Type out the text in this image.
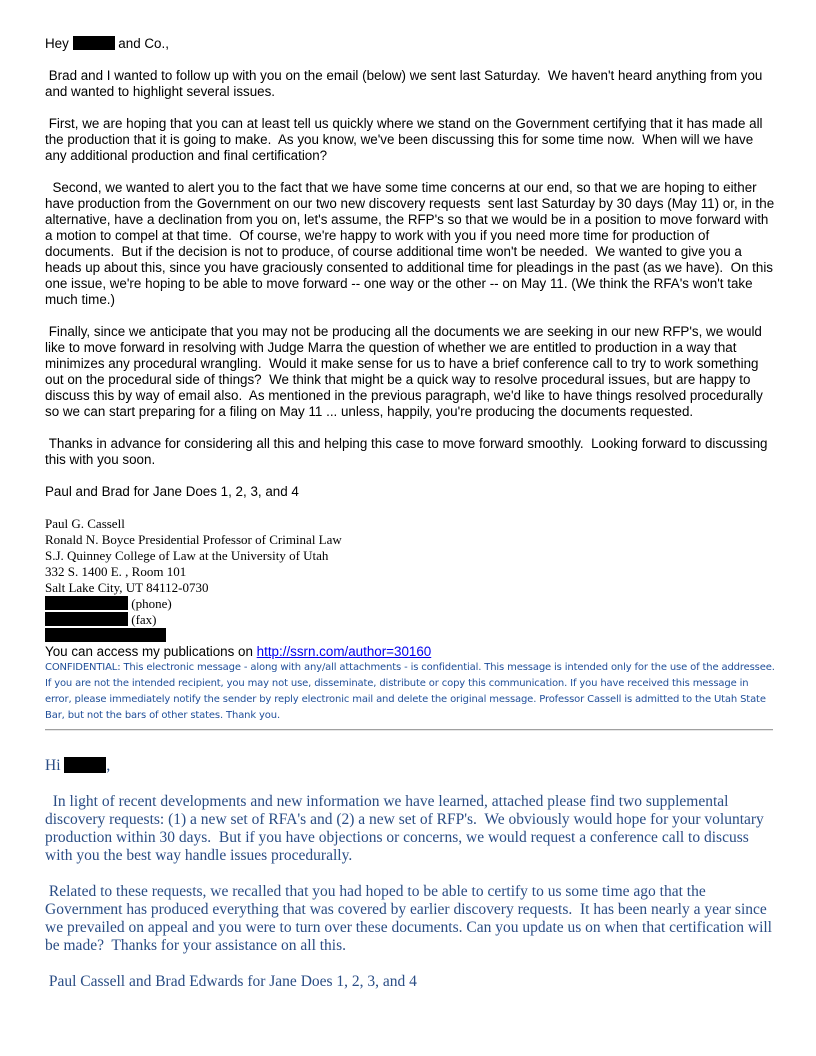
Hey	and Co.,

Brad and I wanted to follow up with you on the email (below) we sent last Saturday.  We haven't heard anything from you and wanted to highlight several issues.

First, we are hoping that you can at least tell us quickly where we stand on the Government certifying that it has made all the production that it is going to make.  As you know, we've been discussing this for some time now.  When will we have any additional production and final certification?

Second, we wanted to alert you to the fact that we have some time concerns at our end, so that we are hoping to either have production from the Government on our two new discovery requests  sent last Saturday by 30 days (May 11) or, in the alternative, have a declination from you on, let's assume, the RFP's so that we would be in a position to move forward with a motion to compel at that time.  Of course, we're happy to work with you if you need more time for production of documents.  But if the decision is not to produce, of course additional time won't be needed.  We wanted to give you a heads up about this, since you have graciously consented to additional time for pleadings in the past (as we have).  On this one issue, we're hoping to be able to move forward -- one way or the other -- on May 11. (We think the RFA's won't take much time.)

Finally, since we anticipate that you may not be producing all the documents we are seeking in our new RFP's, we would like to move forward in resolving with Judge Marra the question of whether we are entitled to production in a way that minimizes any procedural wrangling.  Would it make sense for us to have a brief conference call to try to work something out on the procedural side of things?  We think that might be a quick way to resolve procedural issues, but are happy to discuss this by way of email also.  As mentioned in the previous paragraph, we'd like to have things resolved procedurally so we can start preparing for a filing on May 11 ... unless, happily, you're producing the documents requested.

Thanks in advance for considering all this and helping this case to move forward smoothly.  Looking forward to discussing this with you soon.

Paul and Brad for Jane Does 1, 2, 3, and 4

Paul G. Cassell
Ronald N. Boyce Presidential Professor of Criminal Law
S.J. Quinney College of Law at the University of Utah
332 S. 1400 E. , Room 101
Salt Lake City, UT 84112-0730
(phone)
(fax)
You can access my publications on http://ssrn.com/author=30160
CONFIDENTIAL: This electronic message - along with any/all attachments - is confidential. This message is intended only for the use of the addressee. If you are not the intended recipient, you may not use, disseminate, distribute or copy this communication. If you have received this message in error, please immediately notify the sender by reply electronic mail and delete the original message. Professor Cassell is admitted to the Utah State Bar, but not the bars of other states. Thank you.

Hi	,

In light of recent developments and new information we have learned, attached please find two supplemental discovery requests: (1) a new set of RFA's and (2) a new set of RFP's.  We obviously would hope for your voluntary production within 30 days.  But if you have objections or concerns, we would request a conference call to discuss with you the best way handle issues procedurally.

Related to these requests, we recalled that you had hoped to be able to certify to us some time ago that the Government has produced everything that was covered by earlier discovery requests.  It has been nearly a year since we prevailed on appeal and you were to turn over these documents. Can you update us on when that certification will be made?  Thanks for your assistance on all this.

Paul Cassell and Brad Edwards for Jane Does 1, 2, 3, and 4
